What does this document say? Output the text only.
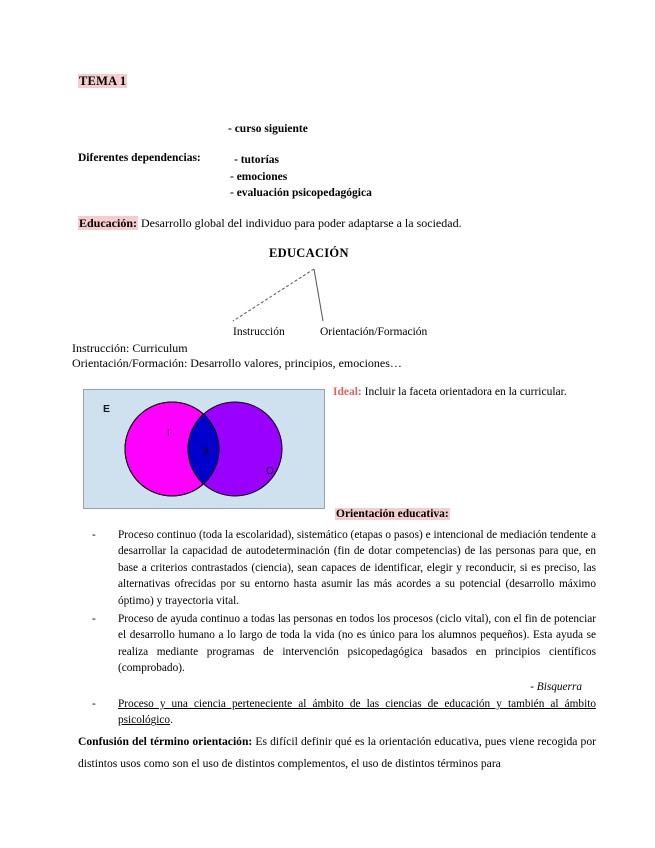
TEMA 1
- curso siguiente
Diferentes dependencias:	- tutorías
- emociones
- evaluación psicopedagógica
Educación: Desarrollo global del individuo para poder adaptarse a la sociedad.
EDUCACIÓN
Instrucción	Orientación/Formación
Instrucción: Curriculum
Orientación/Formación: Desarrollo valores, principios, emociones…
E
I
A
O
Ideal: Incluir la faceta orientadora en la curricular.
Orientación educativa:
- Proceso continuo (toda la escolaridad), sistemático (etapas o pasos) e intencional de mediación tendente a desarrollar la capacidad de autodeterminación (fin de dotar competencias) de las personas para que, en base a criterios contrastados (ciencia), sean capaces de identificar, elegir y reconducir, si es preciso, las alternativas ofrecidas por su entorno hasta asumir las más acordes a su potencial (desarrollo máximo óptimo) y trayectoria vital.
- Proceso de ayuda continuo a todas las personas en todos los procesos (ciclo vital), con el fin de potenciar el desarrollo humano a lo largo de toda la vida (no es único para los alumnos pequeños). Esta ayuda se realiza mediante programas de intervención psicopedagógica basados en principios científicos (comprobado).
- Bisquerra
- Proceso y una ciencia perteneciente al ámbito de las ciencias de educación y también al ámbito psicológico.
Confusión del término orientación: Es difícil definir qué es la orientación educativa, pues viene recogida por distintos usos como son el uso de distintos complementos, el uso de distintos términos para
